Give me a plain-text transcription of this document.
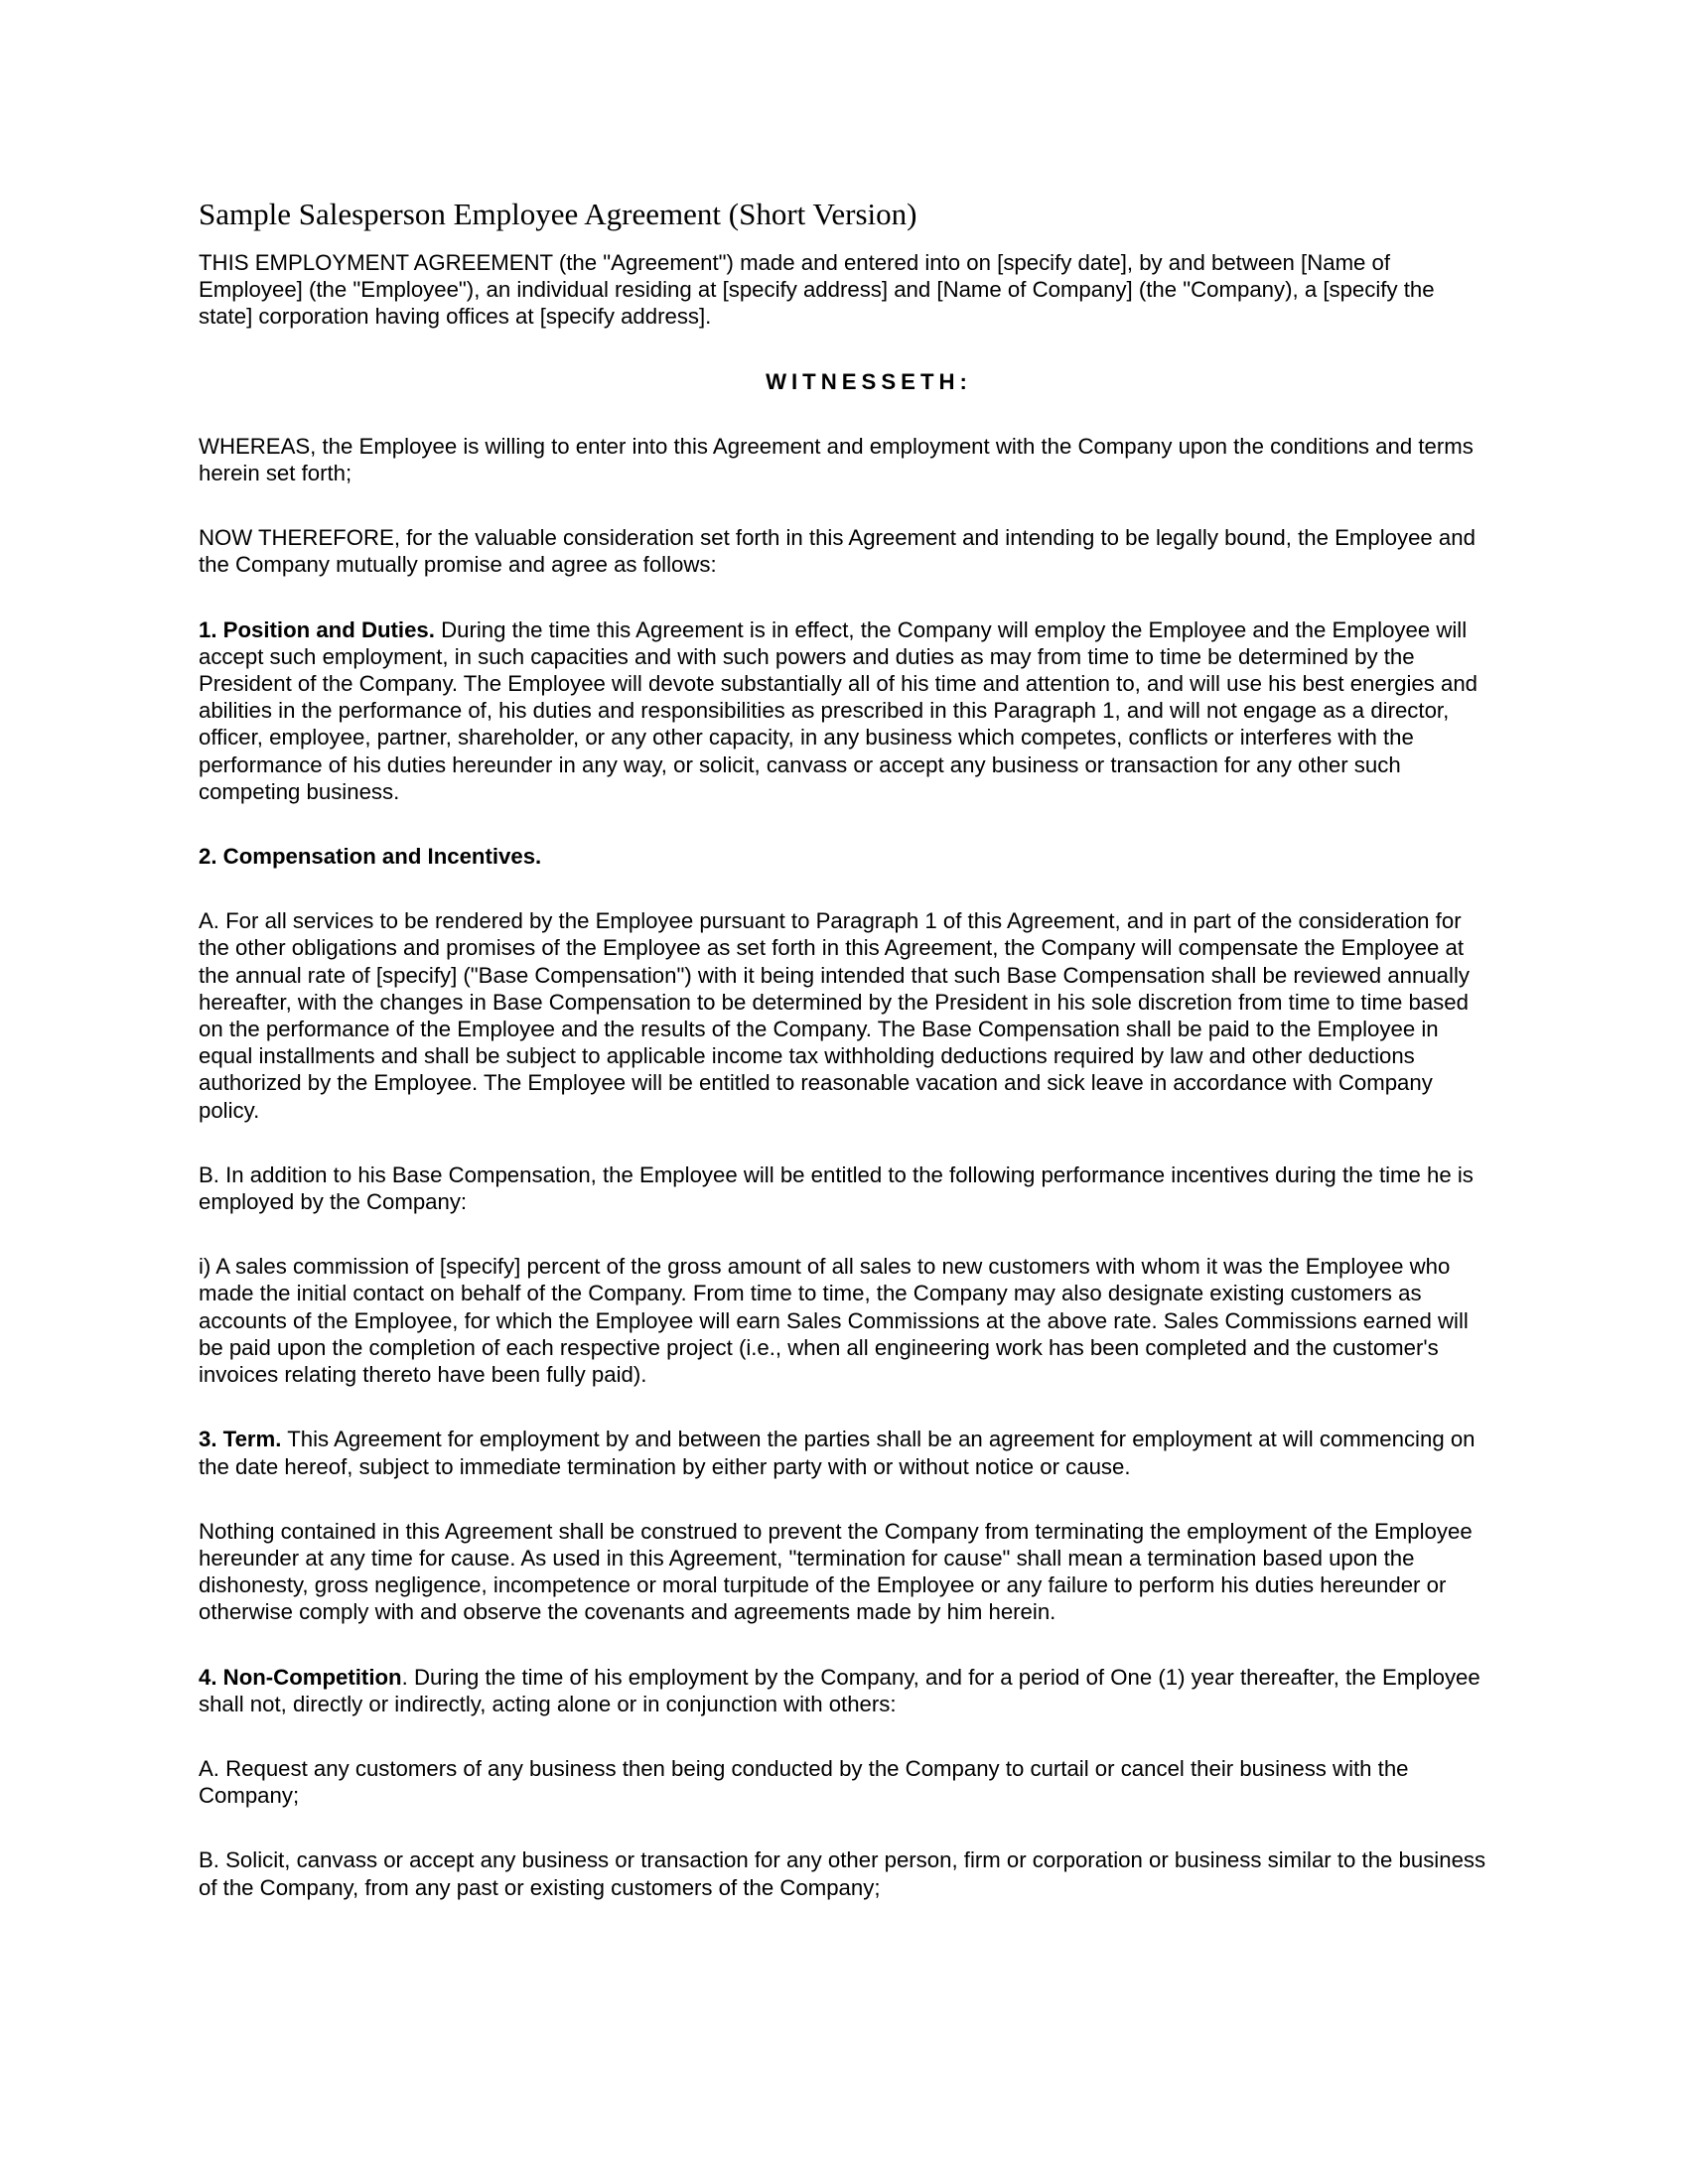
Sample Salesperson Employee Agreement (Short Version)

THIS EMPLOYMENT AGREEMENT (the "Agreement") made and entered into on [specify date], by and between [Name of Employee] (the "Employee"), an individual residing at [specify address] and [Name of Company] (the "Company), a [specify the state] corporation having offices at [specify address].

WITNESSETH:

WHEREAS, the Employee is willing to enter into this Agreement and employment with the Company upon the conditions and terms herein set forth;

NOW THEREFORE, for the valuable consideration set forth in this Agreement and intending to be legally bound, the Employee and the Company mutually promise and agree as follows:

1. Position and Duties. During the time this Agreement is in effect, the Company will employ the Employee and the Employee will accept such employment, in such capacities and with such powers and duties as may from time to time be determined by the President of the Company. The Employee will devote substantially all of his time and attention to, and will use his best energies and abilities in the performance of, his duties and responsibilities as prescribed in this Paragraph 1, and will not engage as a director, officer, employee, partner, shareholder, or any other capacity, in any business which competes, conflicts or interferes with the performance of his duties hereunder in any way, or solicit, canvass or accept any business or transaction for any other such competing business.

2. Compensation and Incentives.

A. For all services to be rendered by the Employee pursuant to Paragraph 1 of this Agreement, and in part of the consideration for the other obligations and promises of the Employee as set forth in this Agreement, the Company will compensate the Employee at the annual rate of [specify] ("Base Compensation") with it being intended that such Base Compensation shall be reviewed annually hereafter, with the changes in Base Compensation to be determined by the President in his sole discretion from time to time based on the performance of the Employee and the results of the Company. The Base Compensation shall be paid to the Employee in equal installments and shall be subject to applicable income tax withholding deductions required by law and other deductions authorized by the Employee. The Employee will be entitled to reasonable vacation and sick leave in accordance with Company policy.

B. In addition to his Base Compensation, the Employee will be entitled to the following performance incentives during the time he is employed by the Company:

i) A sales commission of [specify] percent of the gross amount of all sales to new customers with whom it was the Employee who made the initial contact on behalf of the Company. From time to time, the Company may also designate existing customers as accounts of the Employee, for which the Employee will earn Sales Commissions at the above rate. Sales Commissions earned will be paid upon the completion of each respective project (i.e., when all engineering work has been completed and the customer's invoices relating thereto have been fully paid).

3. Term. This Agreement for employment by and between the parties shall be an agreement for employment at will commencing on the date hereof, subject to immediate termination by either party with or without notice or cause.

Nothing contained in this Agreement shall be construed to prevent the Company from terminating the employment of the Employee hereunder at any time for cause. As used in this Agreement, "termination for cause" shall mean a termination based upon the dishonesty, gross negligence, incompetence or moral turpitude of the Employee or any failure to perform his duties hereunder or otherwise comply with and observe the covenants and agreements made by him herein.

4. Non-Competition. During the time of his employment by the Company, and for a period of One (1) year thereafter, the Employee shall not, directly or indirectly, acting alone or in conjunction with others:

A. Request any customers of any business then being conducted by the Company to curtail or cancel their business with the Company;

B. Solicit, canvass or accept any business or transaction for any other person, firm or corporation or business similar to the business of the Company, from any past or existing customers of the Company;
